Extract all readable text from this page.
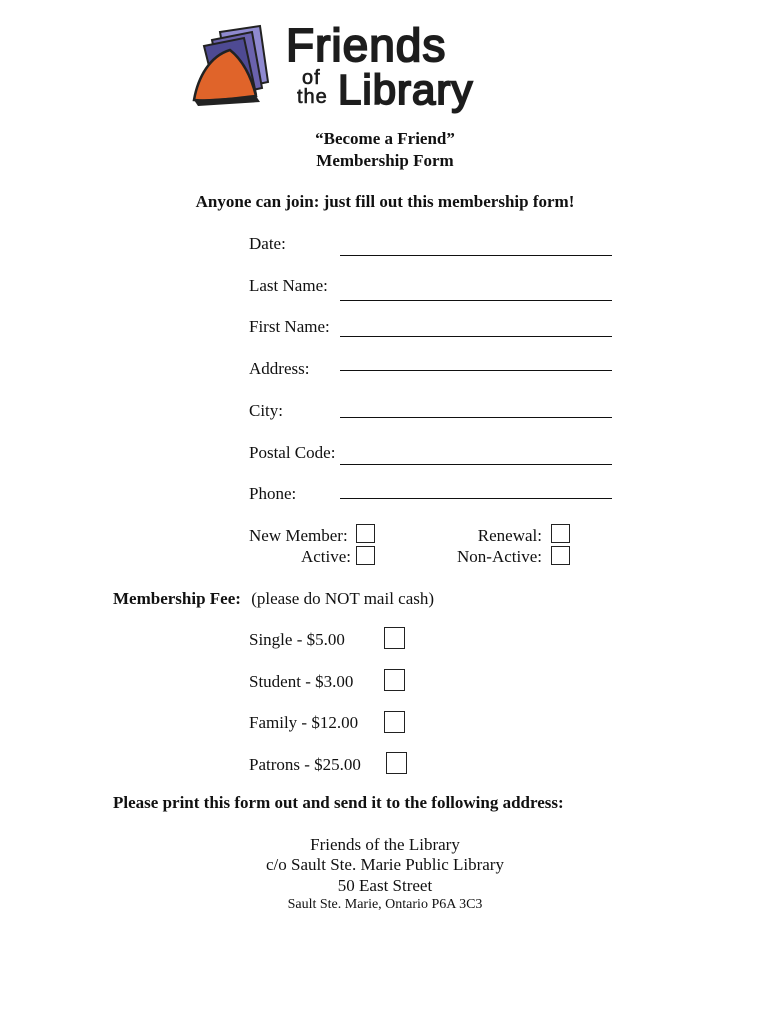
Friends
of
the Library
“Become a Friend”
Membership Form
Anyone can join: just fill out this membership form!
Date:
Last Name:
First Name:
Address:
City:
Postal Code:
Phone:
New Member:
Active:
Renewal:
Non-Active:
Membership Fee: (please do NOT mail cash)
Single - $5.00
Student - $3.00
Family - $12.00
Patrons - $25.00
Please print this form out and send it to the following address:
Friends of the Library
c/o Sault Ste. Marie Public Library
50 East Street
Sault Ste. Marie, Ontario P6A 3C3
